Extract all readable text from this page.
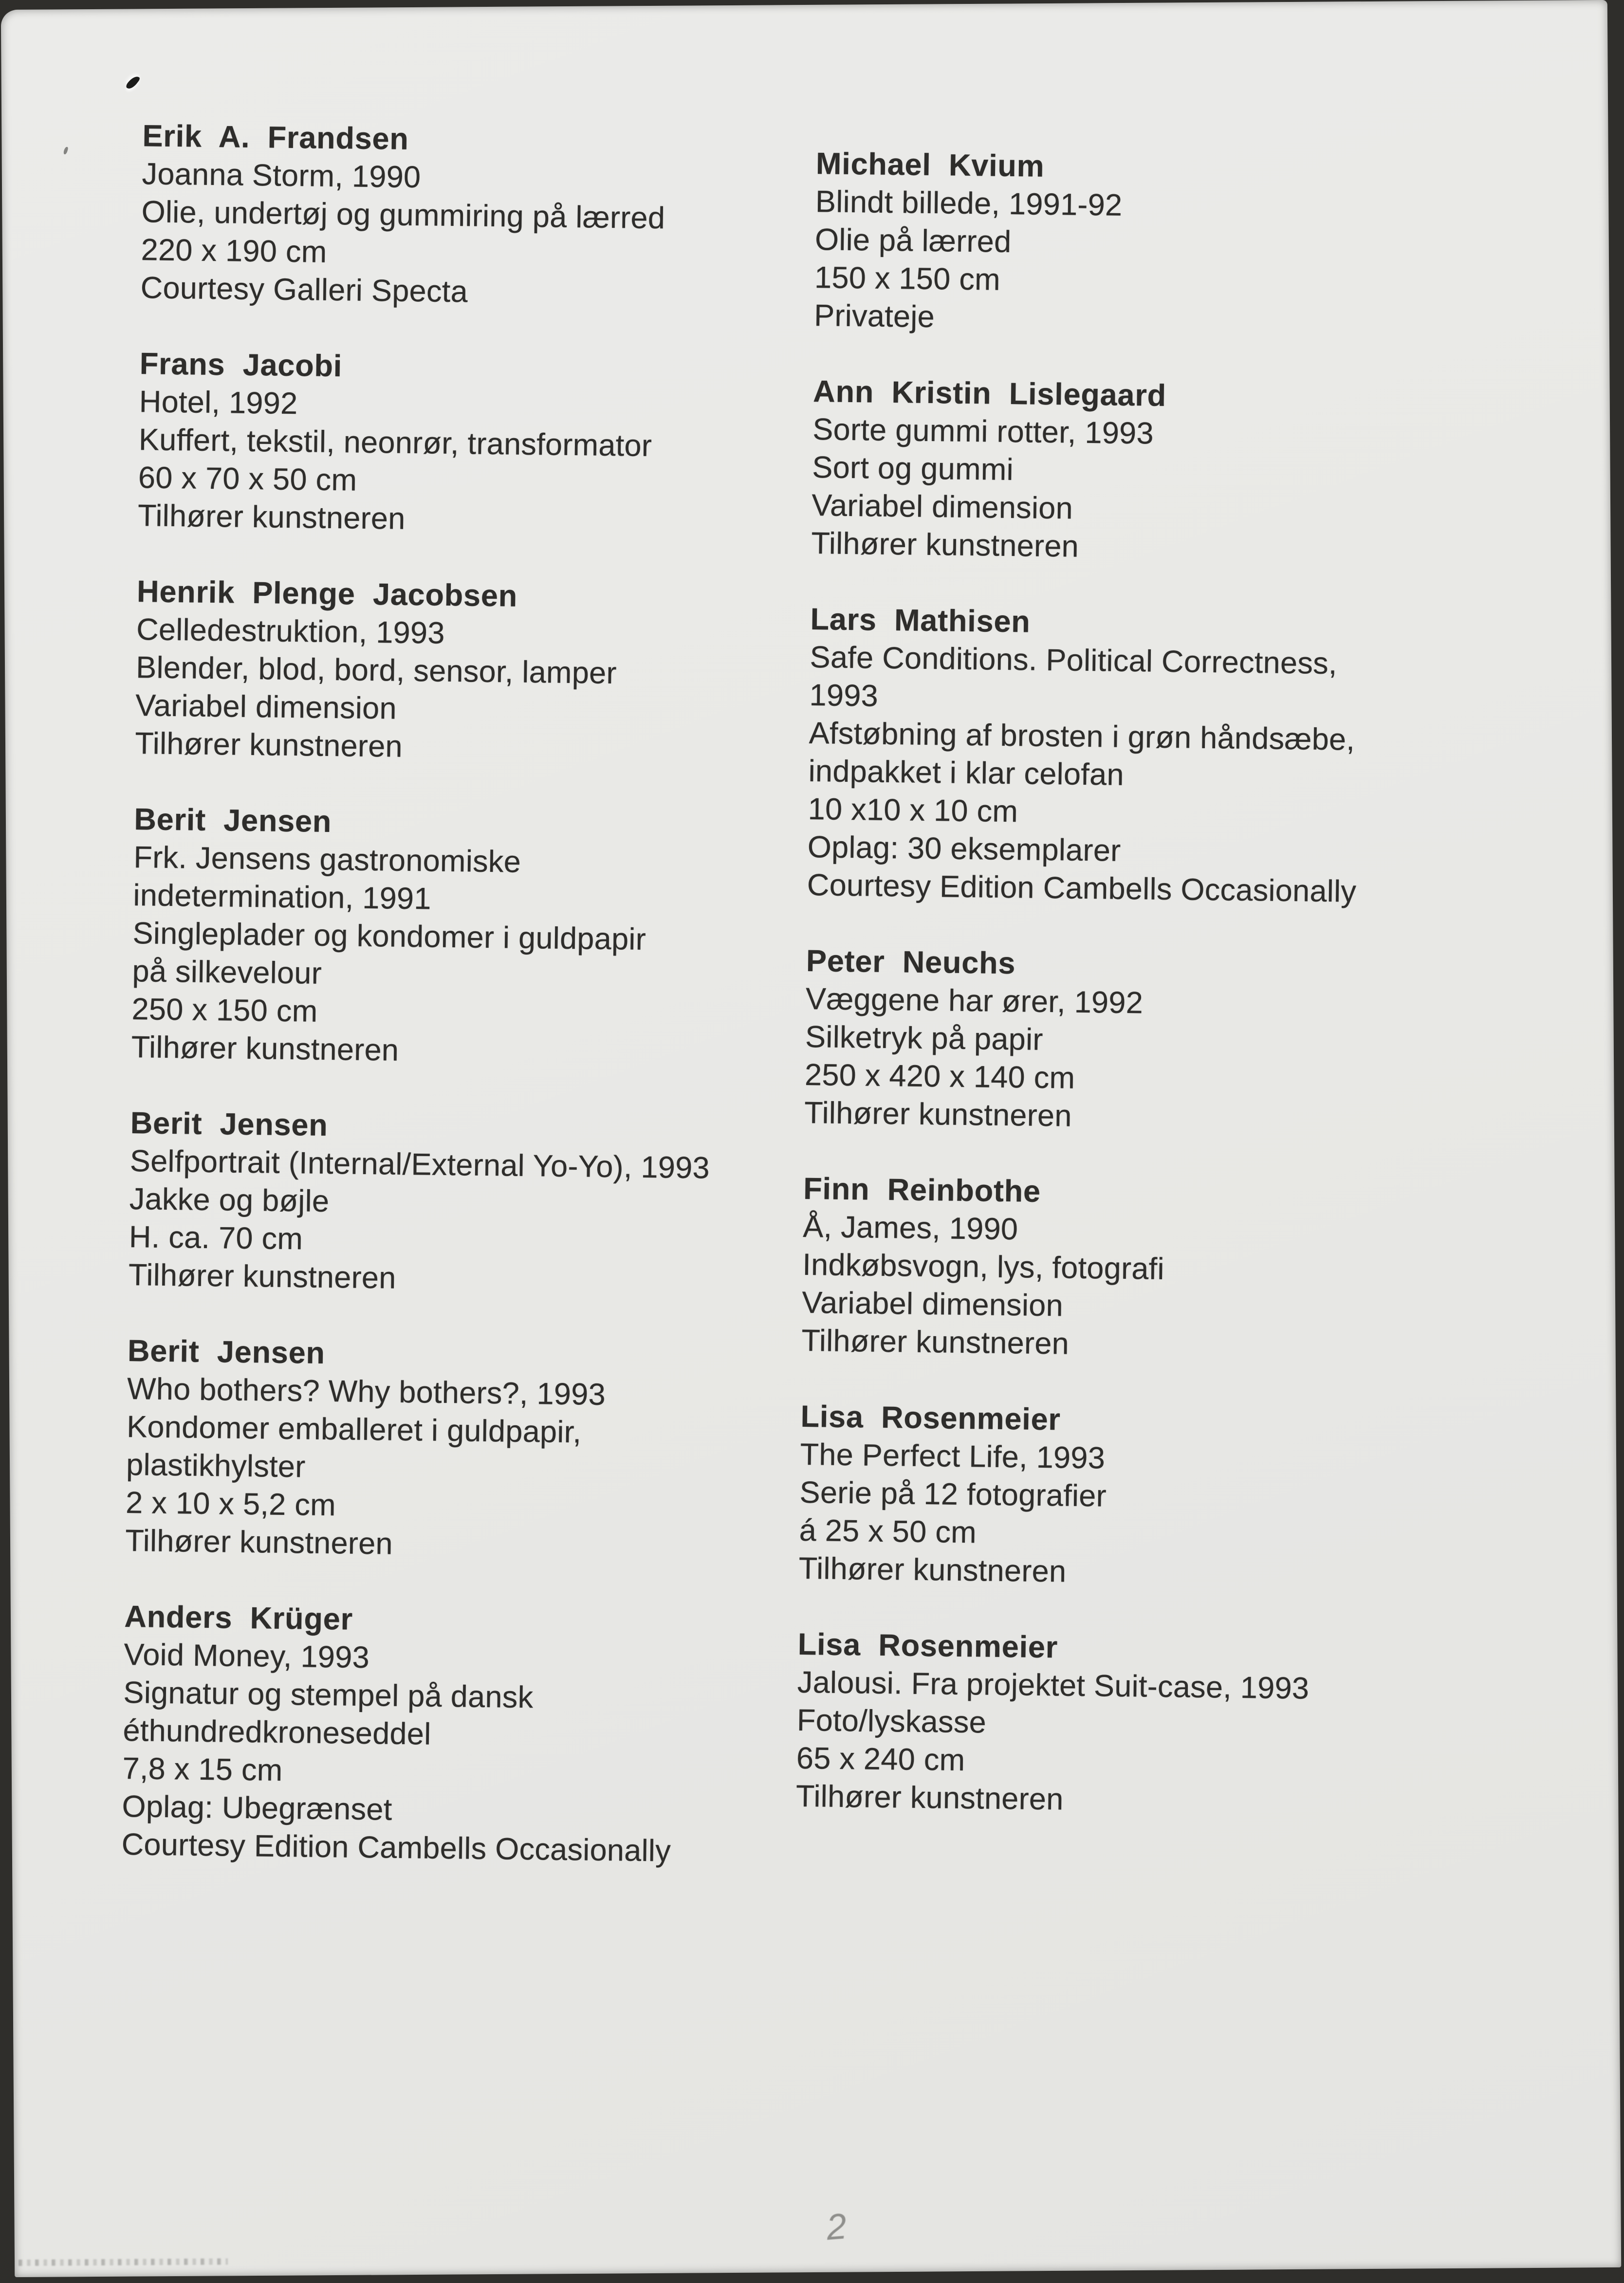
Erik A. Frandsen
Joanna Storm, 1990
Olie, undertøj og gummiring på lærred
220 x 190 cm
Courtesy Galleri Specta
Frans Jacobi
Hotel, 1992
Kuffert, tekstil, neonrør, transformator
60 x 70 x 50 cm
Tilhører kunstneren
Henrik Plenge Jacobsen
Celledestruktion, 1993
Blender, blod, bord, sensor, lamper
Variabel dimension
Tilhører kunstneren
Berit Jensen
Frk. Jensens gastronomiske
indetermination, 1991
Singleplader og kondomer i guldpapir
på silkevelour
250 x 150 cm
Tilhører kunstneren
Berit Jensen
Selfportrait (Internal/External Yo-Yo), 1993
Jakke og bøjle
H. ca. 70 cm
Tilhører kunstneren
Berit Jensen
Who bothers? Why bothers?, 1993
Kondomer emballeret i guldpapir,
plastikhylster
2 x 10 x 5,2 cm
Tilhører kunstneren
Anders Krüger
Void Money, 1993
Signatur og stempel på dansk
éthundredkroneseddel
7,8 x 15 cm
Oplag: Ubegrænset
Courtesy Edition Cambells Occasionally
Michael Kvium
Blindt billede, 1991-92
Olie på lærred
150 x 150 cm
Privateje
Ann Kristin Lislegaard
Sorte gummi rotter, 1993
Sort og gummi
Variabel dimension
Tilhører kunstneren
Lars Mathisen
Safe Conditions. Political Correctness,
1993
Afstøbning af brosten i grøn håndsæbe,
indpakket i klar celofan
10 x10 x 10 cm
Oplag: 30 eksemplarer
Courtesy Edition Cambells Occasionally
Peter Neuchs
Væggene har ører, 1992
Silketryk på papir
250 x 420 x 140 cm
Tilhører kunstneren
Finn Reinbothe
Å, James, 1990
Indkøbsvogn, lys, fotografi
Variabel dimension
Tilhører kunstneren
Lisa Rosenmeier
The Perfect Life, 1993
Serie på 12 fotografier
á 25 x 50 cm
Tilhører kunstneren
Lisa Rosenmeier
Jalousi. Fra projektet Suit-case, 1993
Foto/lyskasse
65 x 240 cm
Tilhører kunstneren
2
